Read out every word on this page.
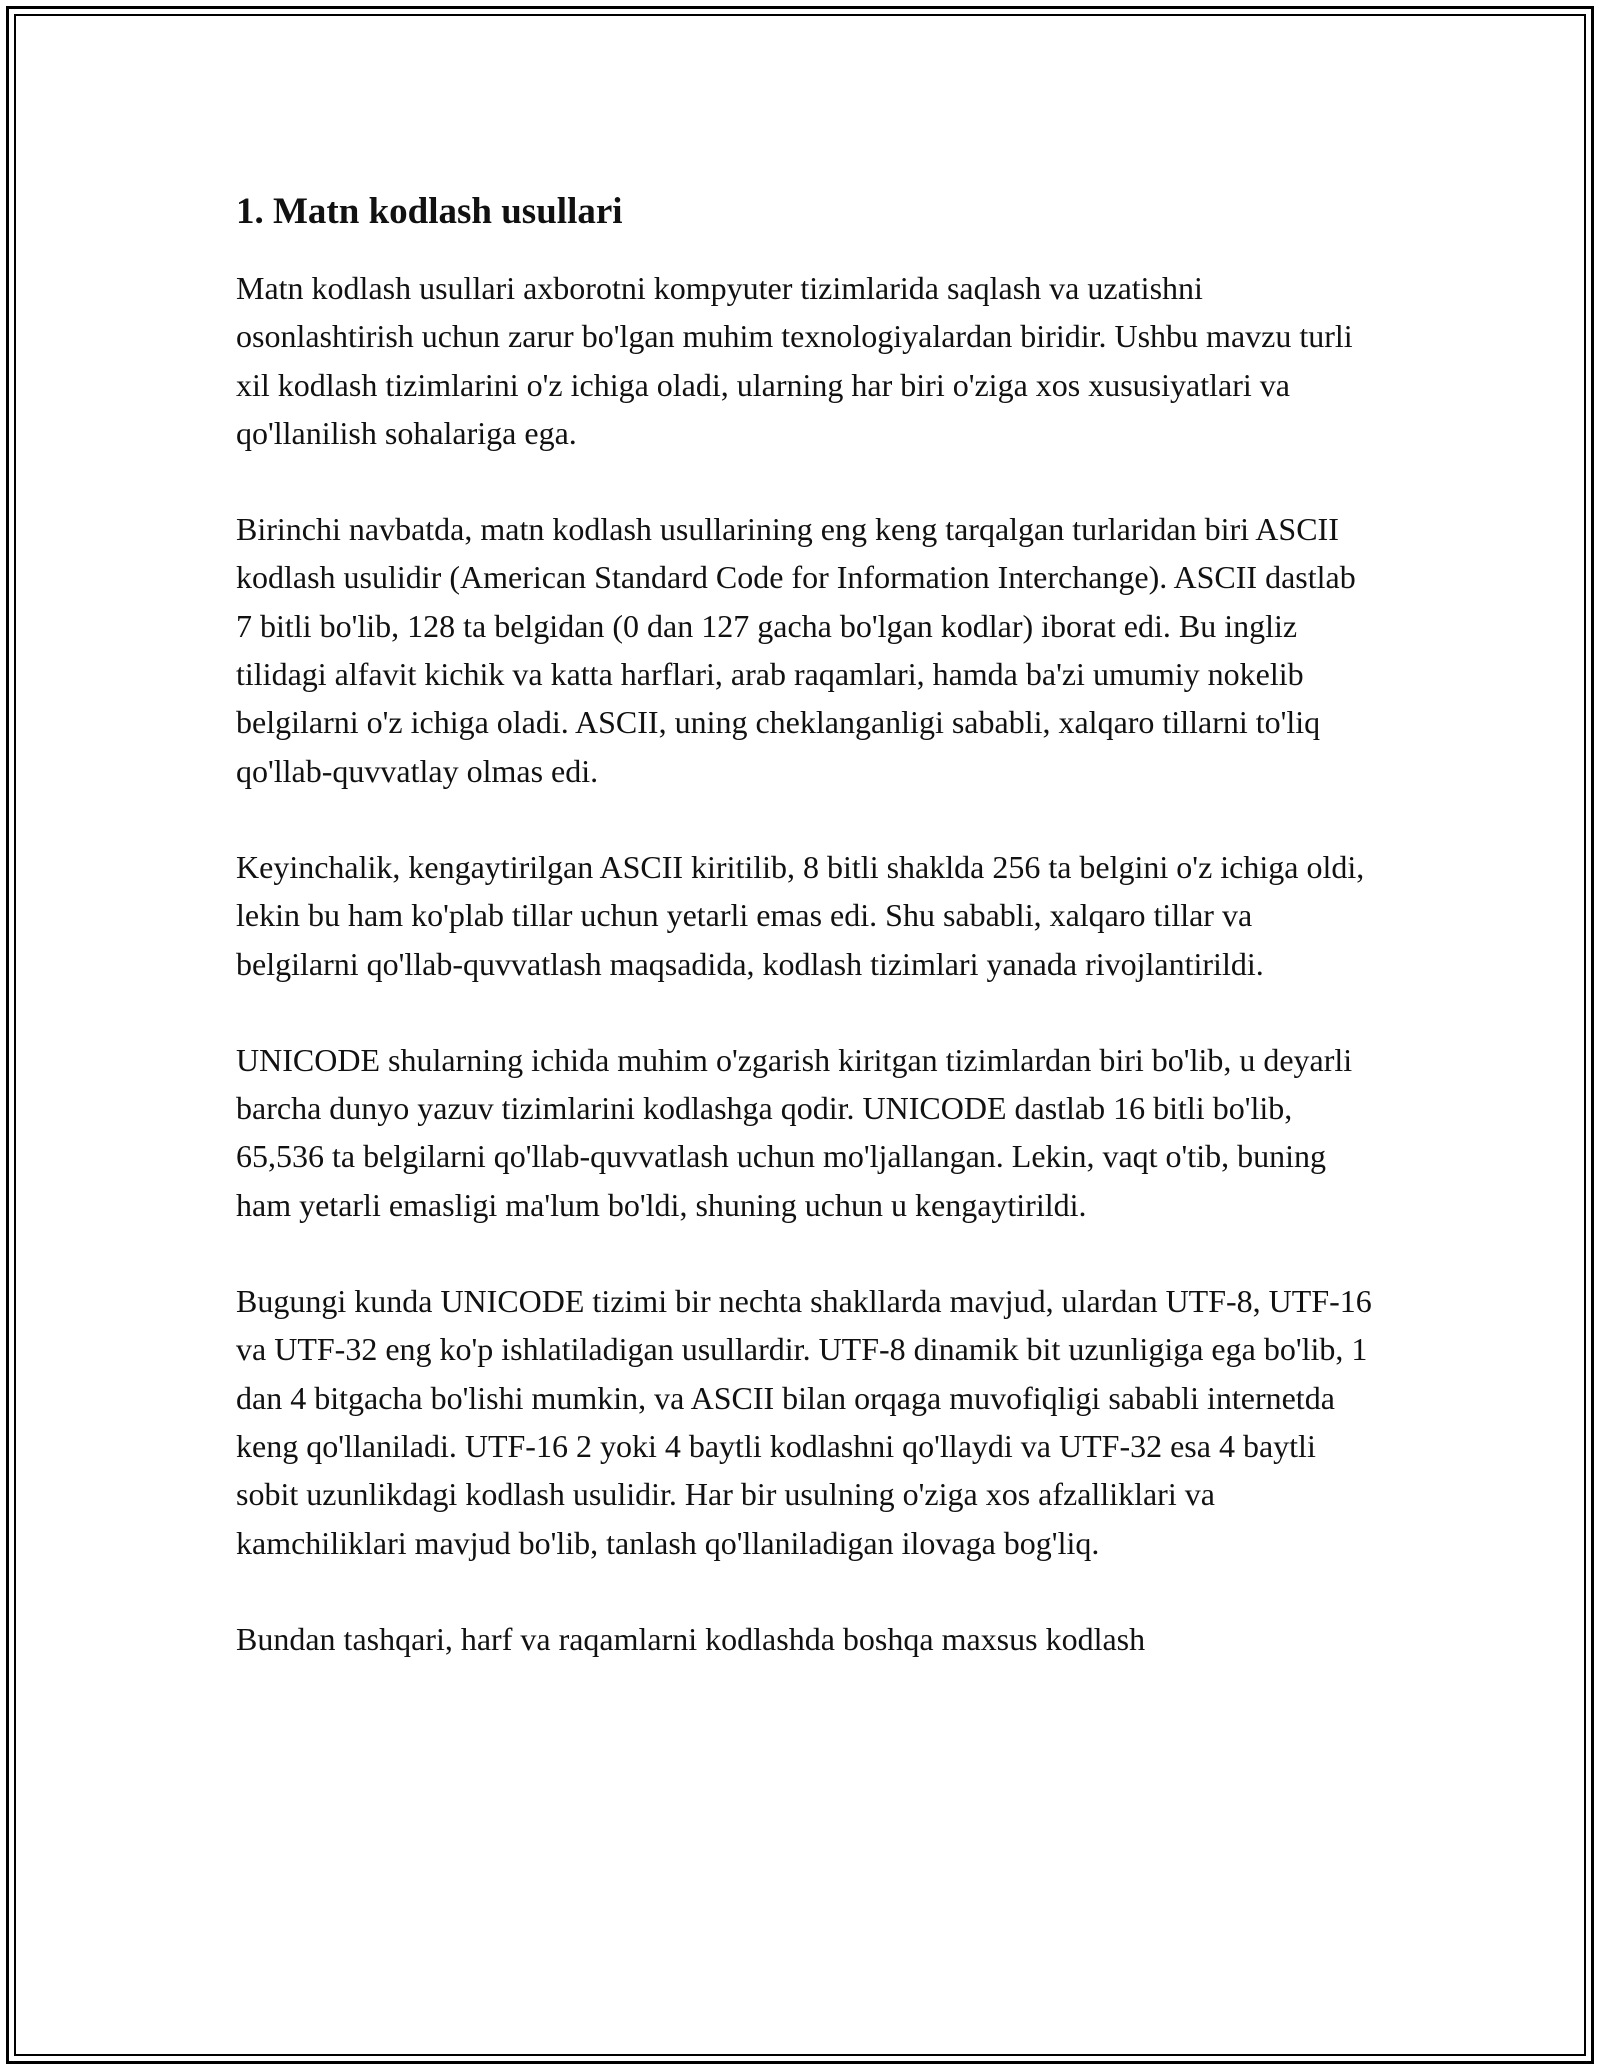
1. Matn kodlash usullari

Matn kodlash usullari axborotni kompyuter tizimlarida saqlash va uzatishni osonlashtirish uchun zarur bo'lgan muhim texnologiyalardan biridir. Ushbu mavzu turli xil kodlash tizimlarini o'z ichiga oladi, ularning har biri o'ziga xos xususiyatlari va qo'llanilish sohalariga ega.

Birinchi navbatda, matn kodlash usullarining eng keng tarqalgan turlaridan biri ASCII kodlash usulidir (American Standard Code for Information Interchange). ASCII dastlab 7 bitli bo'lib, 128 ta belgidan (0 dan 127 gacha bo'lgan kodlar) iborat edi. Bu ingliz tilidagi alfavit kichik va katta harflari, arab raqamlari, hamda ba'zi umumiy nokelib belgilarni o'z ichiga oladi. ASCII, uning cheklanganligi sababli, xalqaro tillarni to'liq qo'llab-quvvatlay olmas edi.

Keyinchalik, kengaytirilgan ASCII kiritilib, 8 bitli shaklda 256 ta belgini o'z ichiga oldi, lekin bu ham ko'plab tillar uchun yetarli emas edi. Shu sababli, xalqaro tillar va belgilarni qo'llab-quvvatlash maqsadida, kodlash tizimlari yanada rivojlantirildi.

UNICODE shularning ichida muhim o'zgarish kiritgan tizimlardan biri bo'lib, u deyarli barcha dunyo yazuv tizimlarini kodlashga qodir. UNICODE dastlab 16 bitli bo'lib, 65,536 ta belgilarni qo'llab-quvvatlash uchun mo'ljallangan. Lekin, vaqt o'tib, buning ham yetarli emasligi ma'lum bo'ldi, shuning uchun u kengaytirildi.

Bugungi kunda UNICODE tizimi bir nechta shakllarda mavjud, ulardan UTF-8, UTF-16 va UTF-32 eng ko'p ishlatiladigan usullardir. UTF-8 dinamik bit uzunligiga ega bo'lib, 1 dan 4 bitgacha bo'lishi mumkin, va ASCII bilan orqaga muvofiqligi sababli internetda keng qo'llaniladi. UTF-16 2 yoki 4 baytli kodlashni qo'llaydi va UTF-32 esa 4 baytli sobit uzunlikdagi kodlash usulidir. Har bir usulning o'ziga xos afzalliklari va kamchiliklari mavjud bo'lib, tanlash qo'llaniladigan ilovaga bog'liq.

Bundan tashqari, harf va raqamlarni kodlashda boshqa maxsus kodlash
